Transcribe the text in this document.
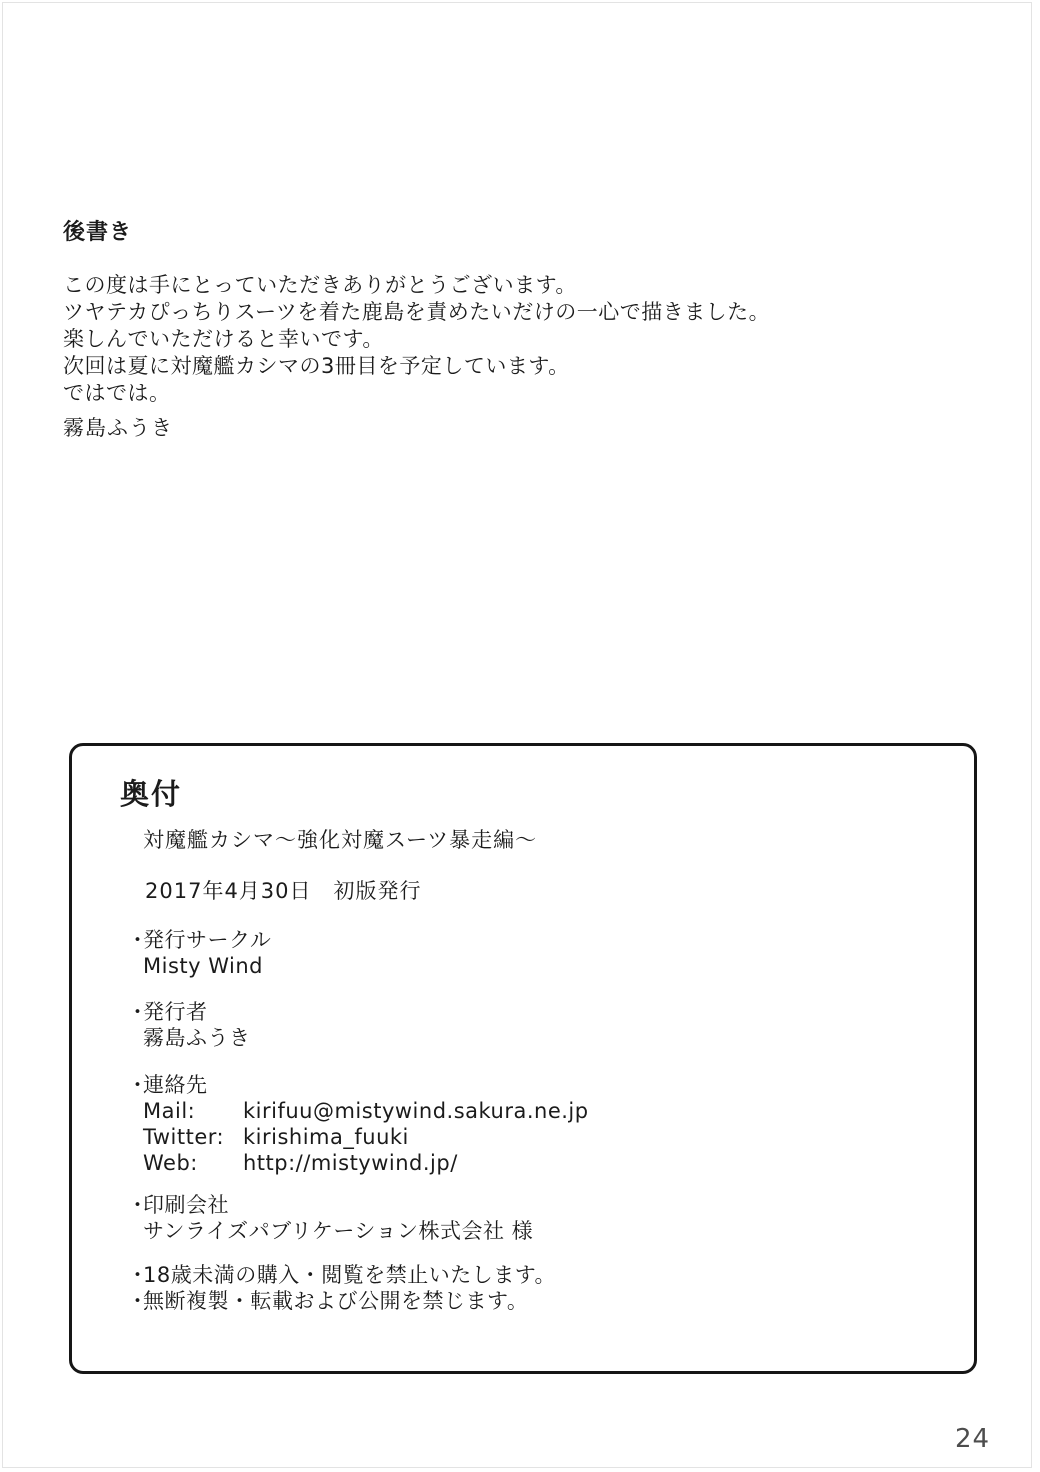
後書き
この度は手にとっていただきありがとうございます。
ツヤテカぴっちりスーツを着た鹿島を責めたいだけの一心で描きました。
楽しんでいただけると幸いです。
次回は夏に対魔艦カシマの3冊目を予定しています。
ではでは。
霧島ふうき
奥付
対魔艦カシマ～強化対魔スーツ暴走編～
2017年4月30日　初版発行
・発行サークル
Misty Wind
・発行者
霧島ふうき
・連絡先
Mail: kirifuu@mistywind.sakura.ne.jp
Twitter: kirishima_fuuki
Web: http://mistywind.jp/
・印刷会社
サンライズパブリケーション株式会社 様
・18歳未満の購入・閲覧を禁止いたします。
・無断複製・転載および公開を禁じます。
24
